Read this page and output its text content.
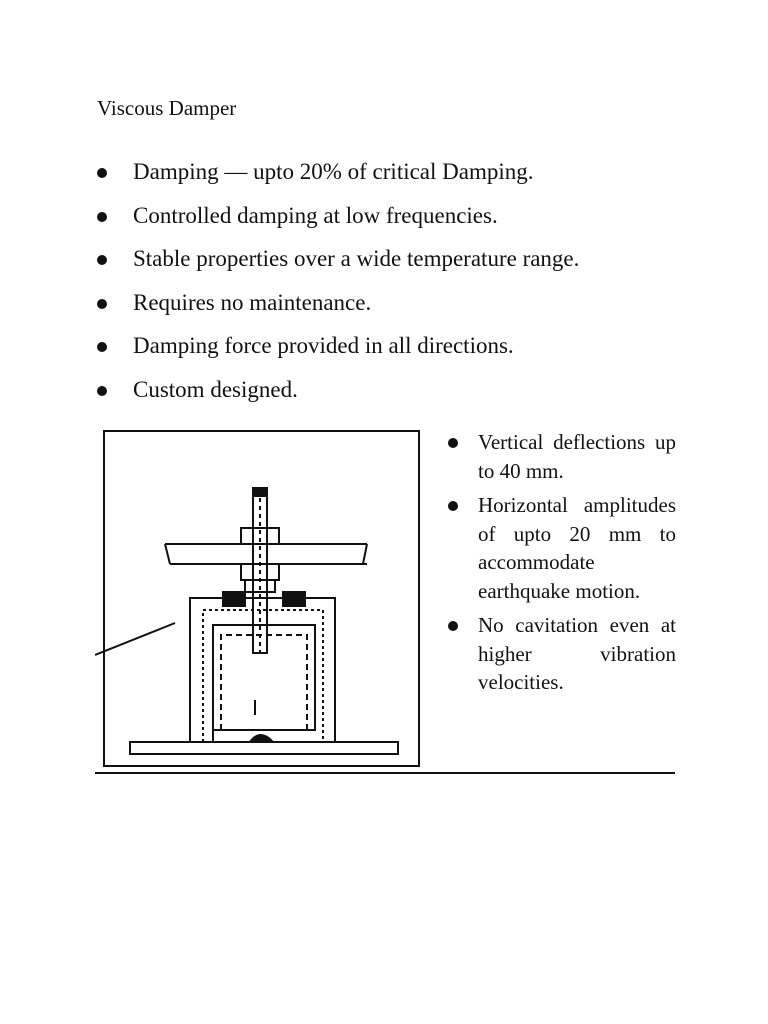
Viscous Damper
Damping — upto 20% of critical Damping.
Controlled damping at low frequencies.
Stable properties over a wide temperature range.
Requires no maintenance.
Damping force provided in all directions.
Custom designed.
Vertical deflections up to 40 mm.
Horizontal amplitudes of upto 20 mm to accommodate earthquake motion.
No cavitation even at higher vibration velocities.
